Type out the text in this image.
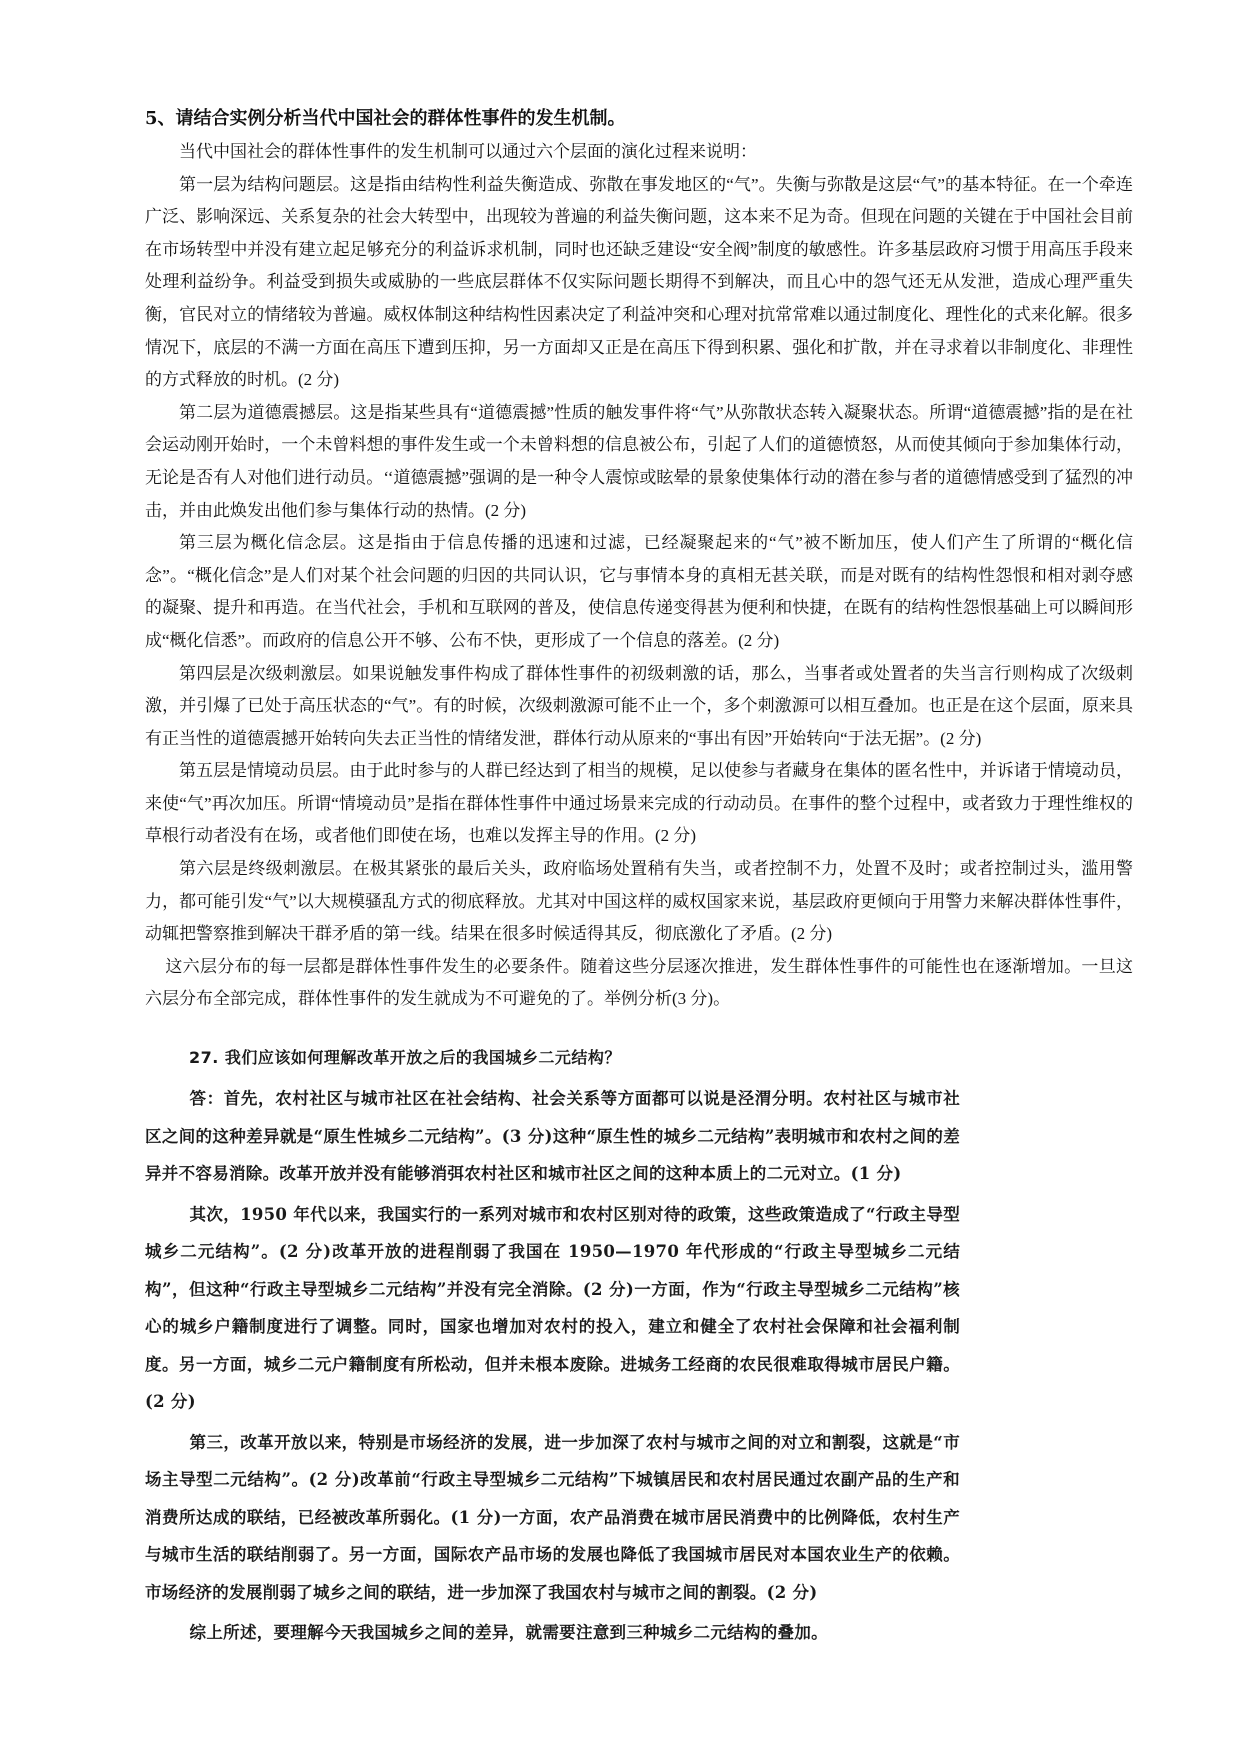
5、请结合实例分析当代中国社会的群体性事件的发生机制。

当代中国社会的群体性事件的发生机制可以通过六个层面的演化过程来说明：

第一层为结构问题层。这是指由结构性利益失衡造成、弥散在事发地区的“气”。失衡与弥散是这层“气”的基本特征。在一个牵连广泛、影响深远、关系复杂的社会大转型中，出现较为普遍的利益失衡问题，这本来不足为奇。但现在问题的关键在于中国社会目前在市场转型中并没有建立起足够充分的利益诉求机制，同时也还缺乏建设“安全阀”制度的敏感性。许多基层政府习惯于用高压手段来处理利益纷争。利益受到损失或威胁的一些底层群体不仅实际问题长期得不到解决，而且心中的怨气还无从发泄，造成心理严重失衡，官民对立的情绪较为普遍。威权体制这种结构性因素决定了利益冲突和心理对抗常常难以通过制度化、理性化的式来化解。很多情况下，底层的不满一方面在高压下遭到压抑，另一方面却又正是在高压下得到积累、强化和扩散，并在寻求着以非制度化、非理性的方式释放的时机。(2 分)

第二层为道德震撼层。这是指某些具有“道德震撼”性质的触发事件将“气”从弥散状态转入凝聚状态。所谓“道德震撼”指的是在社会运动刚开始时，一个未曾料想的事件发生或一个未曾料想的信息被公布，引起了人们的道德愤怒，从而使其倾向于参加集体行动，无论是否有人对他们进行动员。‘‘道德震撼”强调的是一种令人震惊或眩晕的景象使集体行动的潜在参与者的道德情感受到了猛烈的冲击，并由此焕发出他们参与集体行动的热情。(2 分)

第三层为概化信念层。这是指由于信息传播的迅速和过滤，已经凝聚起来的“气”被不断加压，使人们产生了所谓的“概化信念”。“概化信念”是人们对某个社会问题的归因的共同认识，它与事情本身的真相无甚关联，而是对既有的结构性怨恨和相对剥夺感的凝聚、提升和再造。在当代社会，手机和互联网的普及，使信息传递变得甚为便利和快捷，在既有的结构性怨恨基础上可以瞬间形成“概化信悉”。而政府的信息公开不够、公布不快，更形成了一个信息的落差。(2 分)

第四层是次级刺激层。如果说触发事件构成了群体性事件的初级刺激的话，那么，当事者或处置者的失当言行则构成了次级刺激，并引爆了已处于高压状态的“气”。有的时候，次级刺激源可能不止一个，多个刺激源可以相互叠加。也正是在这个层面，原来具有正当性的道德震撼开始转向失去正当性的情绪发泄，群体行动从原来的“事出有因”开始转向“于法无据”。(2 分)

第五层是情境动员层。由于此时参与的人群已经达到了相当的规模，足以使参与者藏身在集体的匿名性中，并诉诸于情境动员，来使“气”再次加压。所谓“情境动员”是指在群体性事件中通过场景来完成的行动动员。在事件的整个过程中，或者致力于理性维权的草根行动者没有在场，或者他们即使在场，也难以发挥主导的作用。(2 分)

第六层是终级刺激层。在极其紧张的最后关头，政府临场处置稍有失当，或者控制不力，处置不及时；或者控制过头，滥用警力，都可能引发“气”以大规模骚乱方式的彻底释放。尤其对中国这样的威权国家来说，基层政府更倾向于用警力来解决群体性事件，动辄把警察推到解决干群矛盾的第一线。结果在很多时候适得其反，彻底激化了矛盾。(2 分)

这六层分布的每一层都是群体性事件发生的必要条件。随着这些分层逐次推进，发生群体性事件的可能性也在逐渐增加。一旦这六层分布全部完成，群体性事件的发生就成为不可避免的了。举例分析(3 分)。

27. 我们应该如何理解改革开放之后的我国城乡二元结构？

答：首先，农村社区与城市社区在社会结构、社会关系等方面都可以说是泾渭分明。农村社区与城市社区之间的这种差异就是“原生性城乡二元结构”。(3 分)这种“原生性的城乡二元结构”表明城市和农村之间的差异并不容易消除。改革开放并没有能够消弭农村社区和城市社区之间的这种本质上的二元对立。(1 分)

其次，1950 年代以来，我国实行的一系列对城市和农村区别对待的政策，这些政策造成了“行政主导型城乡二元结构”。(2 分)改革开放的进程削弱了我国在 1950—1970 年代形成的“行政主导型城乡二元结构”，但这种“行政主导型城乡二元结构”并没有完全消除。(2 分)一方面，作为“行政主导型城乡二元结构”核心的城乡户籍制度进行了调整。同时，国家也增加对农村的投入，建立和健全了农村社会保障和社会福利制度。另一方面，城乡二元户籍制度有所松动，但并未根本废除。进城务工经商的农民很难取得城市居民户籍。(2 分)

第三，改革开放以来，特别是市场经济的发展，进一步加深了农村与城市之间的对立和割裂，这就是“市场主导型二元结构”。(2 分)改革前“行政主导型城乡二元结构”下城镇居民和农村居民通过农副产品的生产和消费所达成的联结，已经被改革所弱化。(1 分)一方面，农产品消费在城市居民消费中的比例降低，农村生产与城市生活的联结削弱了。另一方面，国际农产品市场的发展也降低了我国城市居民对本国农业生产的依赖。市场经济的发展削弱了城乡之间的联结，进一步加深了我国农村与城市之间的割裂。(2 分)

综上所述，要理解今天我国城乡之间的差异，就需要注意到三种城乡二元结构的叠加。
